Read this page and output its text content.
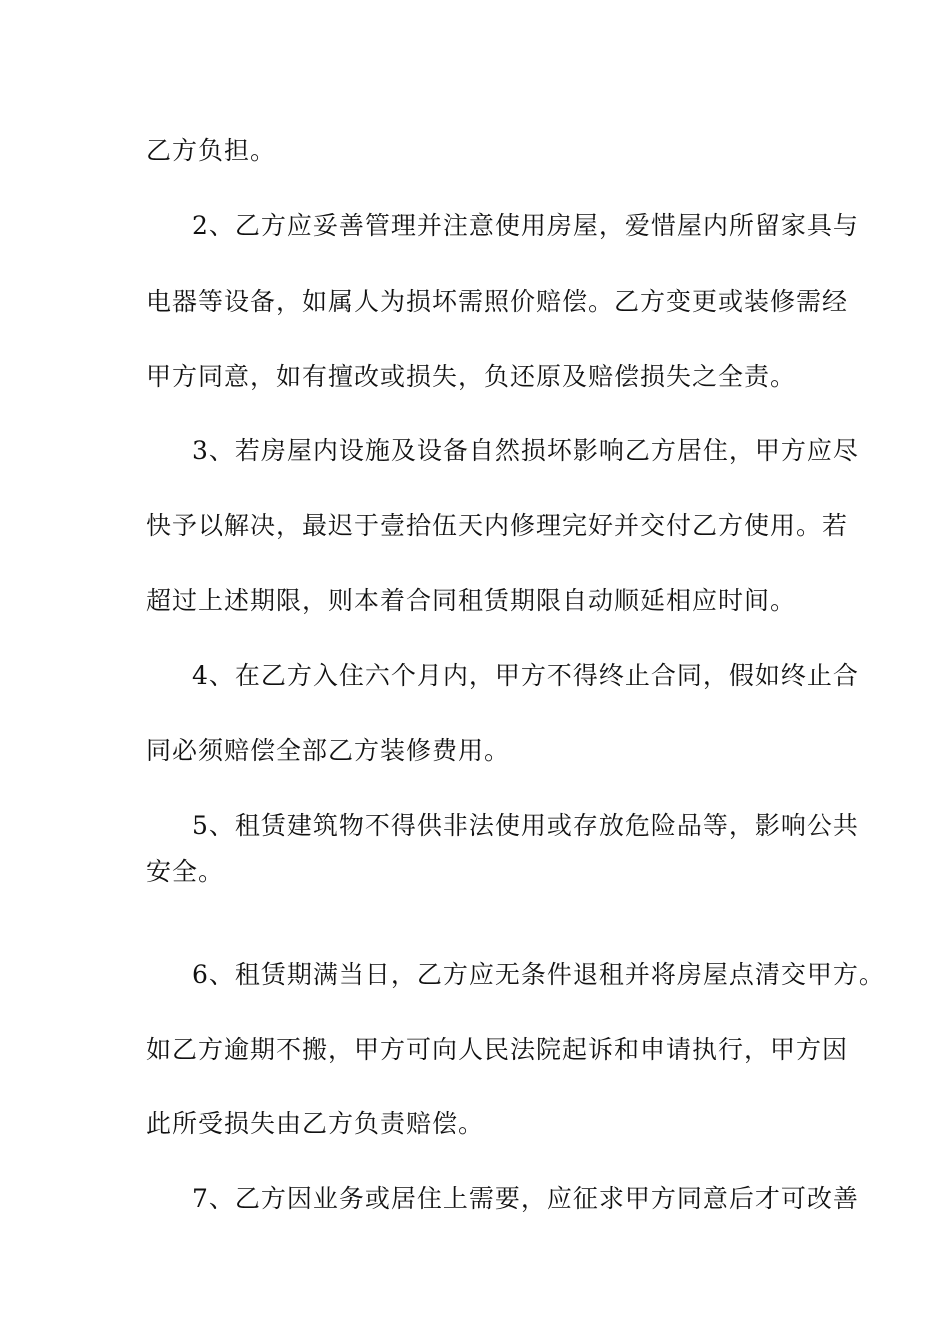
乙方负担。
2、乙方应妥善管理并注意使用房屋，爱惜屋内所留家具与
电器等设备，如属人为损坏需照价赔偿。乙方变更或装修需经
甲方同意，如有擅改或损失，负还原及赔偿损失之全责。
3、若房屋内设施及设备自然损坏影响乙方居住，甲方应尽
快予以解决，最迟于壹拾伍天内修理完好并交付乙方使用。若
超过上述期限，则本着合同租赁期限自动顺延相应时间。
4、在乙方入住六个月内，甲方不得终止合同，假如终止合
同必须赔偿全部乙方装修费用。
5、租赁建筑物不得供非法使用或存放危险品等，影响公共
安全。
6、租赁期满当日，乙方应无条件退租并将房屋点清交甲方。
如乙方逾期不搬，甲方可向人民法院起诉和申请执行，甲方因
此所受损失由乙方负责赔偿。
7、乙方因业务或居住上需要，应征求甲方同意后才可改善
